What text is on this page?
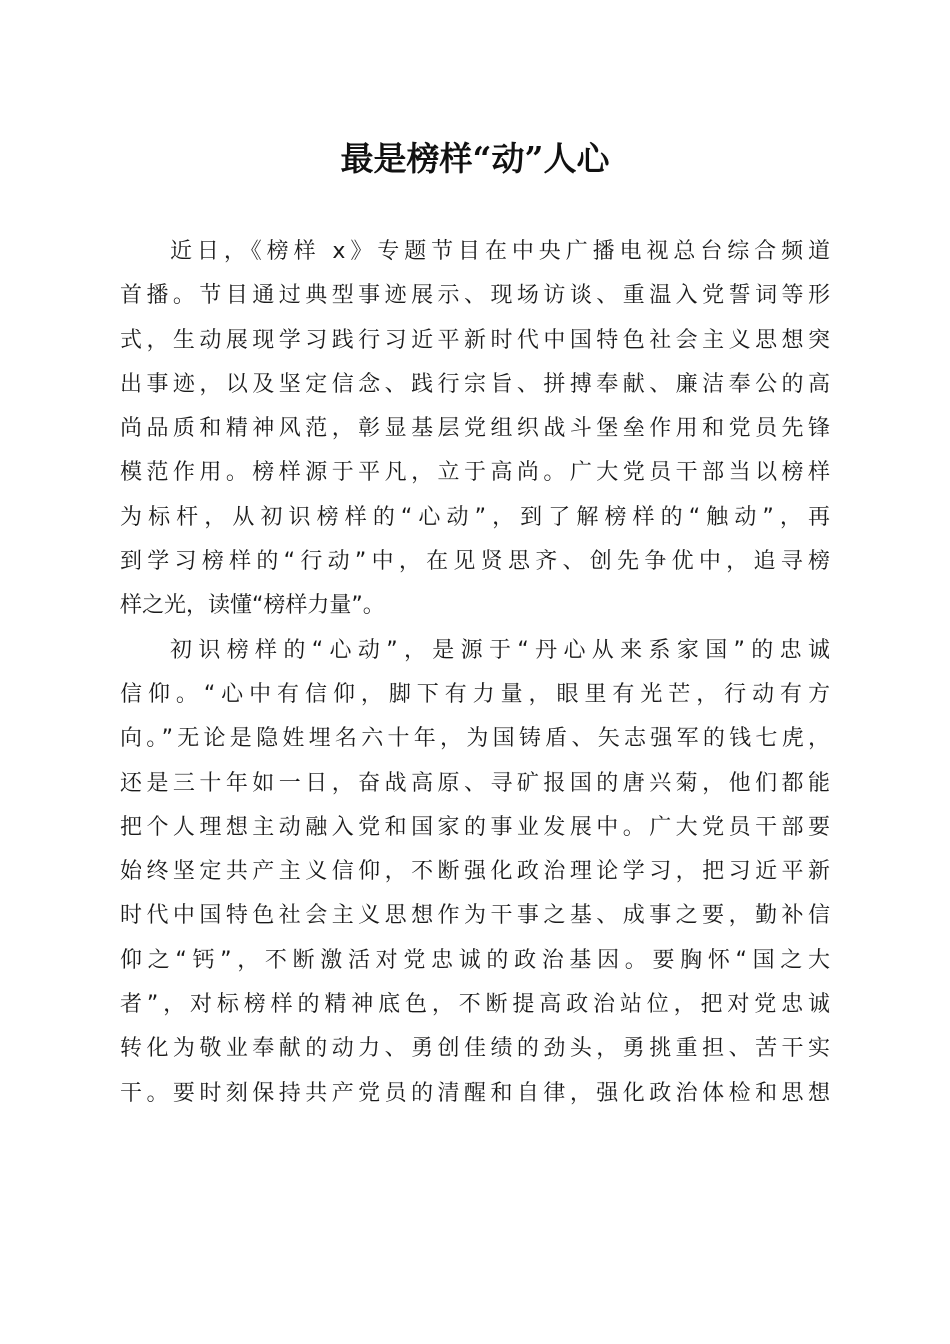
最是榜样“动”人心
近日，《榜样 x》专题节目在中央广播电视总台综合频道
首播。节目通过典型事迹展示、现场访谈、重温入党誓词等形
式，生动展现学习践行习近平新时代中国特色社会主义思想突
出事迹，以及坚定信念、践行宗旨、拼搏奉献、廉洁奉公的高
尚品质和精神风范，彰显基层党组织战斗堡垒作用和党员先锋
模范作用。榜样源于平凡，立于高尚。广大党员干部当以榜样
为标杆，从初识榜样的“心动”，到了解榜样的“触动”，再
到学习榜样的“行动”中，在见贤思齐、创先争优中，追寻榜
样之光，读懂“榜样力量”。
初识榜样的“心动”，是源于“丹心从来系家国”的忠诚
信仰。“心中有信仰，脚下有力量，眼里有光芒，行动有方
向。”无论是隐姓埋名六十年，为国铸盾、矢志强军的钱七虎，
还是三十年如一日，奋战高原、寻矿报国的唐兴菊，他们都能
把个人理想主动融入党和国家的事业发展中。广大党员干部要
始终坚定共产主义信仰，不断强化政治理论学习，把习近平新
时代中国特色社会主义思想作为干事之基、成事之要，勤补信
仰之“钙”，不断激活对党忠诚的政治基因。要胸怀“国之大
者”，对标榜样的精神底色，不断提高政治站位，把对党忠诚
转化为敬业奉献的动力、勇创佳绩的劲头，勇挑重担、苦干实
干。要时刻保持共产党员的清醒和自律，强化政治体检和思想
